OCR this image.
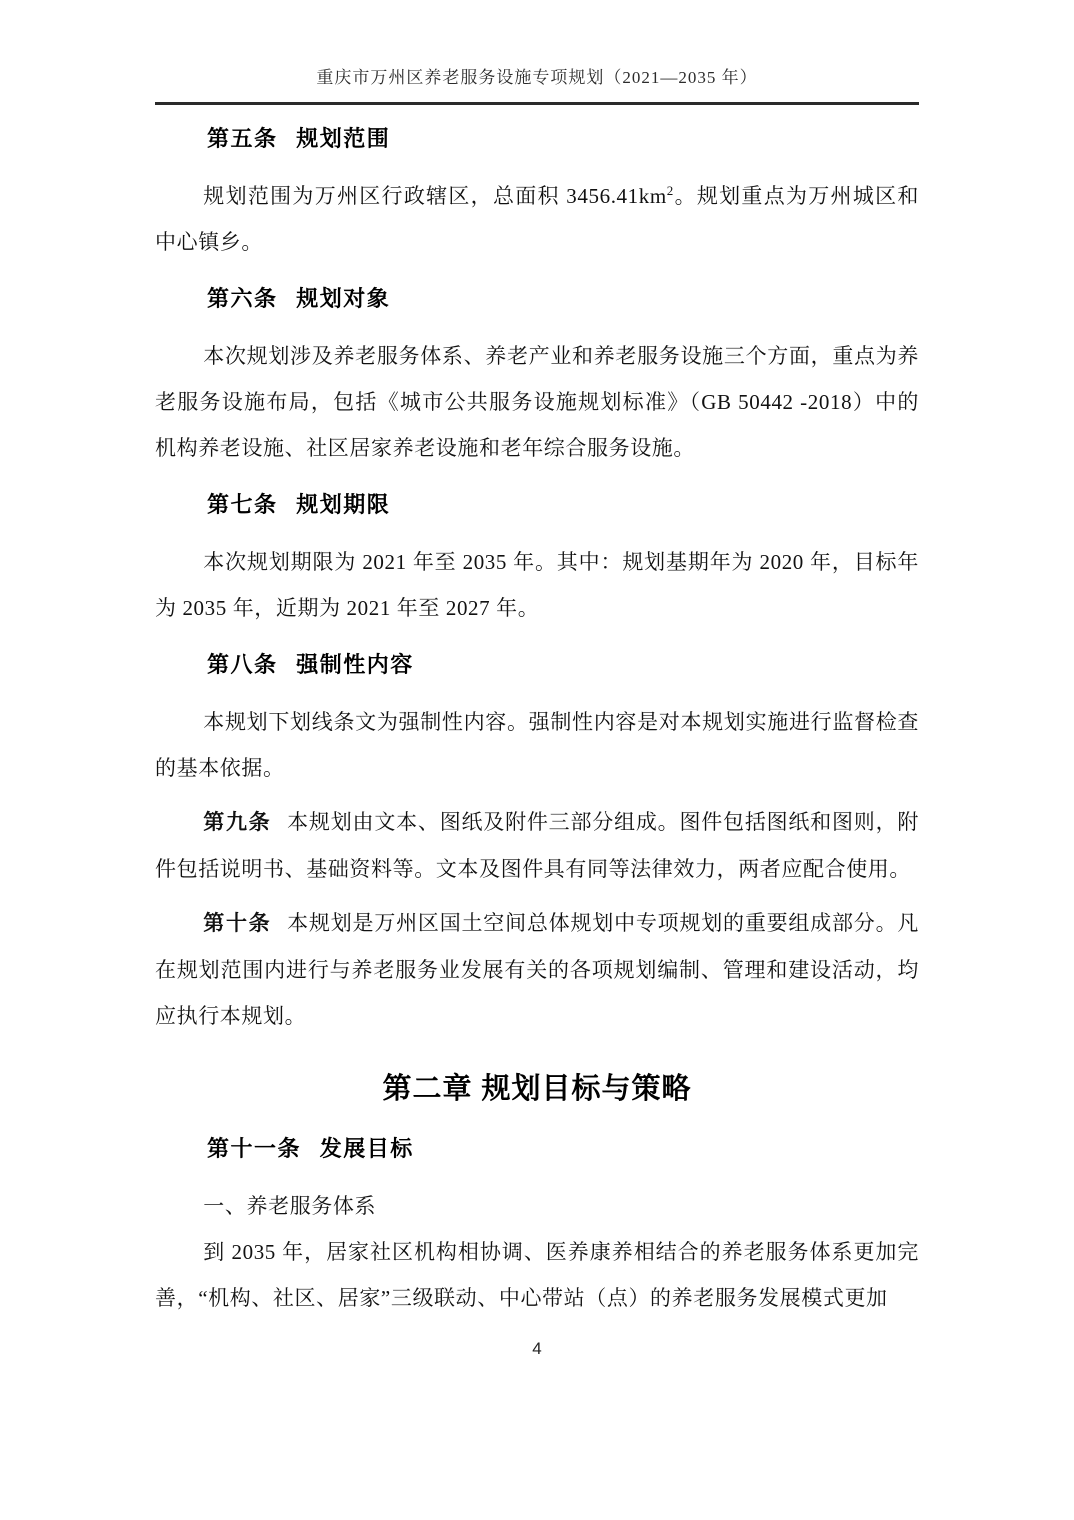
重庆市万州区养老服务设施专项规划（2021—2035 年）
第五条 规划范围

规划范围为万州区行政辖区，总面积 $3456.41km^2$。规划重点为万州城区和中心镇乡。

第六条 规划对象

本次规划涉及养老服务体系、养老产业和养老服务设施三个方面，重点为养老服务设施布局，包括《城市公共服务设施规划标准》（GB 50442 -2018）中的机构养老设施、社区居家养老设施和老年综合服务设施。

第七条 规划期限

本次规划期限为 2021 年至 2035 年。其中：规划基期年为 2020 年，目标年为 2035 年，近期为 2021 年至 2027 年。

第八条 强制性内容

本规划下划线条文为强制性内容。强制性内容是对本规划实施进行监督检查的基本依据。

第九条 本规划由文本、图纸及附件三部分组成。图件包括图纸和图则，附件包括说明书、基础资料等。文本及图件具有同等法律效力，两者应配合使用。

第十条 本规划是万州区国土空间总体规划中专项规划的重要组成部分。凡在规划范围内进行与养老服务业发展有关的各项规划编制、管理和建设活动，均应执行本规划。

第二章 规划目标与策略
第十一条 发展目标

一、养老服务体系

到 2035 年，居家社区机构相协调、医养康养相结合的养老服务体系更加完善，“机构、社区、居家”三级联动、中心带站（点）的养老服务发展模式更加

4
